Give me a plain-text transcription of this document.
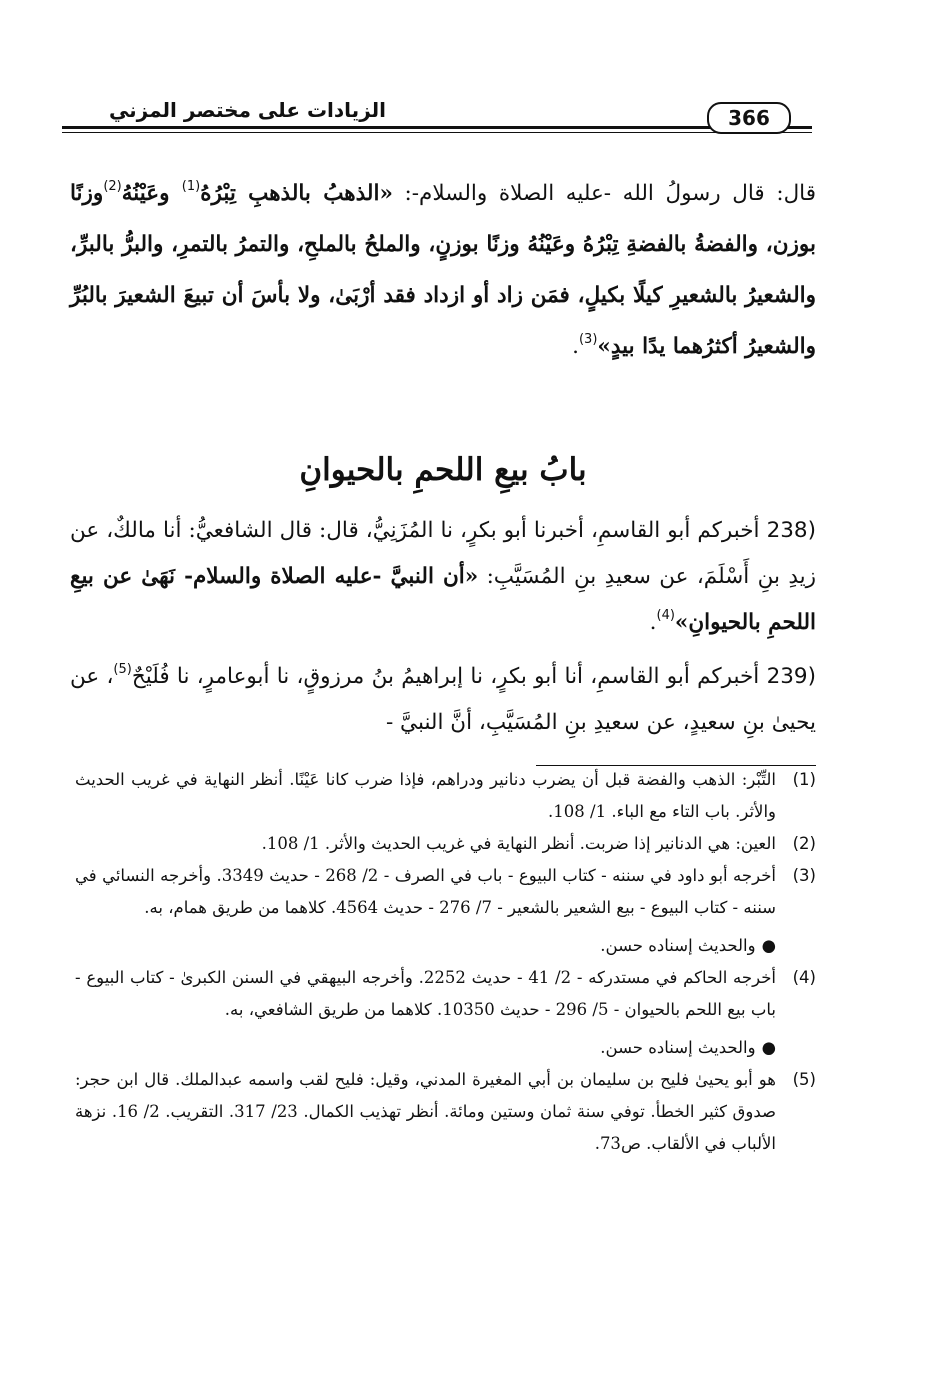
الزيادات على مختصر المزني	366

قال: قال رسولُ الله -عليه الصلاة والسلام-: «الذهبُ بالذهبِ تِبْرُهُ$^{(1)}$ وعَيْنُهُ$^{(2)}$وزنًا بوزن، والفضةُ بالفضةِ تِبْرُهُ وعَيْنُهُ وزنًا بوزنٍ، والملحُ بالملحِ، والتمرُ بالتمرِ، والبرُّ بالبرِّ، والشعيرُ بالشعيرِ كيلًا بكيلٍ، فمَن زاد أو ازداد فقد أرْبَىٰ، ولا بأسَ أن تبيعَ الشعيرَ بالبُرِّ والشعيرُ أكثرُهما يدًا بيدٍ»$^{(3)}$.

بابُ بيعِ اللحمِ بالحيوانِ

238) أخبركم أبو القاسمِ، أخبرنا أبو بكرٍ، نا المُزَنِيُّ، قال: قال الشافعيُّ: أنا مالكٌ، عن زيدِ بنِ أَسْلَمَ، عن سعيدِ بنِ المُسَيَّبِ: «أن النبيَّ -عليه الصلاة والسلام- نَهَىٰ عن بيعِ اللحمِ بالحيوانِ»$^{(4)}$.

239) أخبركم أبو القاسمِ، أنا أبو بكرٍ، نا إبراهيمُ بنُ مرزوقٍ، نا أبوعامرٍ، نا فُلَيْحٌ$^{(5)}$، عن يحيىٰ بنِ سعيدٍ، عن سعيدِ بنِ المُسَيَّبِ، أنَّ النبيَّ -

(1)
التِّبْر: الذهب والفضة قبل أن يضرب دنانير ودراهم، فإذا ضرب كانا عَيْنًا. أنظر النهاية في غريب الحديث والأثر. باب التاء مع الباء. 1/ 108.
(2)
العين: هي الدنانير إذا ضربت. أنظر النهاية في غريب الحديث والأثر. 1/ 108.
(3)
أخرجه أبو داود في سننه - كتاب البيوع - باب في الصرف - 2/ 268 - حديث 3349. وأخرجه النسائي في سننه - كتاب البيوع - بيع الشعير بالشعير - 7/ 276 - حديث 4564. كلاهما من طريق همام، به.
●والحديث إسناده حسن.
(4)
أخرجه الحاكم في مستدركه - 2/ 41 - حديث 2252. وأخرجه البيهقي في السنن الكبرىٰ - كتاب البيوع - باب بيع اللحم بالحيوان - 5/ 296 - حديث 10350. كلاهما من طريق الشافعي، به.
●والحديث إسناده حسن.
(5)
هو أبو يحيىٰ فليح بن سليمان بن أبي المغيرة المدني، وقيل: فليح لقب واسمه عبدالملك. قال ابن حجر: صدوق كثير الخطأ. توفي سنة ثمان وستين ومائة. أنظر تهذيب الكمال. 23/ 317. التقريب. 2/ 16. نزهة الألباب في الألقاب. ص73.
